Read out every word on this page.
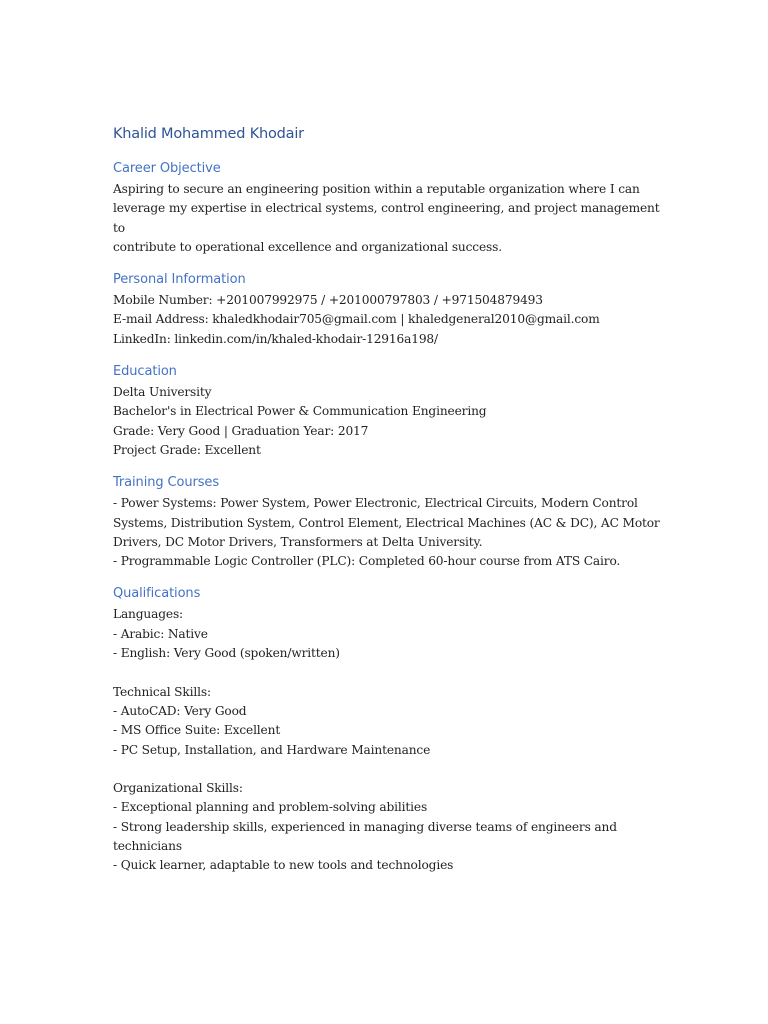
Khalid Mohammed Khodair
Career Objective
Aspiring to secure an engineering position within a reputable organization where I can
leverage my expertise in electrical systems, control engineering, and project management to
contribute to operational excellence and organizational success.
Personal Information
Mobile Number: +201007992975 / +201000797803 / +971504879493
E-mail Address: khaledkhodair705@gmail.com | khaledgeneral2010@gmail.com
LinkedIn: linkedin.com/in/khaled-khodair-12916a198/
Education
Delta University
Bachelor's in Electrical Power & Communication Engineering
Grade: Very Good | Graduation Year: 2017
Project Grade: Excellent
Training Courses
- Power Systems: Power System, Power Electronic, Electrical Circuits, Modern Control
Systems, Distribution System, Control Element, Electrical Machines (AC & DC), AC Motor
Drivers, DC Motor Drivers, Transformers at Delta University.
- Programmable Logic Controller (PLC): Completed 60-hour course from ATS Cairo.
Qualifications
Languages:
- Arabic: Native
- English: Very Good (spoken/written)
Technical Skills:
- AutoCAD: Very Good
- MS Office Suite: Excellent
- PC Setup, Installation, and Hardware Maintenance
Organizational Skills:
- Exceptional planning and problem-solving abilities
- Strong leadership skills, experienced in managing diverse teams of engineers and
technicians
- Quick learner, adaptable to new tools and technologies
